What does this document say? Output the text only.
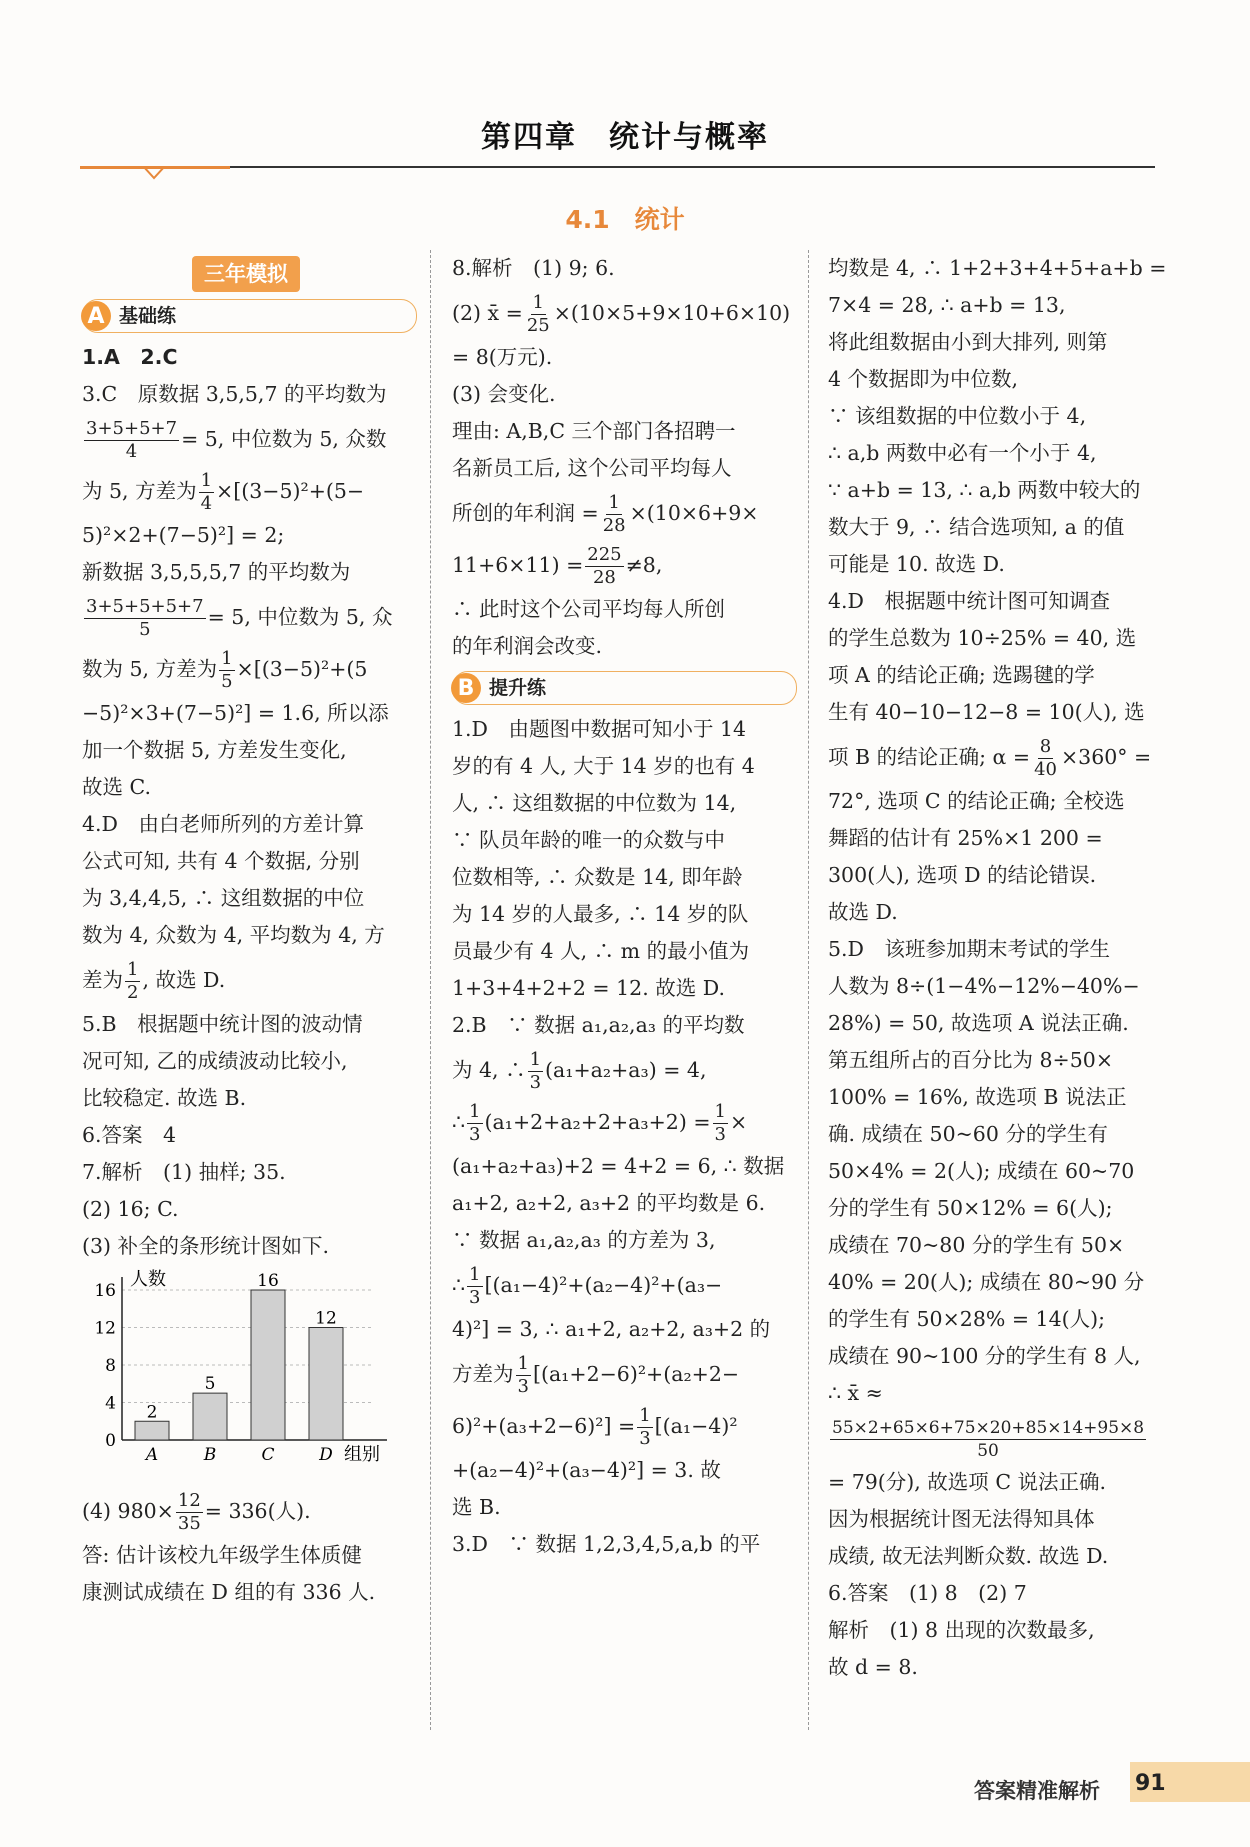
第四章　统计与概率
4.1　统计
三年模拟
A 基础练
1.A　2.C
3.C　原数据 3,5,5,7 的平均数为
$\frac{3+5+5+7}{4} = 5$, 中位数为 5, 众数
为 5, 方差为 $\frac{1}{4} \times[(3-5)^2+(5-$
5)²×2+(7−5)²] = 2;
新数据 3,5,5,5,7 的平均数为
$\frac{3+5+5+5+7}{5} = 5$, 中位数为 5, 众
数为 5, 方差为 $\frac{1}{5} \times[(3-5)^2+(5$
−5)²×3+(7−5)²] = 1.6, 所以添
加一个数据 5, 方差发生变化,
故选 C.
4.D　由白老师所列的方差计算
公式可知, 共有 4 个数据, 分别
为 3,4,4,5, ∴ 这组数据的中位
数为 4, 众数为 4, 平均数为 4, 方
差为 $\frac{1}{2}$ , 故选 D.
5.B　根据题中统计图的波动情
况可知, 乙的成绩波动比较小,
比较稳定. 故选 B.
6.答案　4
7.解析　(1) 抽样; 35.
(2) 16; C.
(3) 补全的条形统计图如下.
0
4
8
12
16
人数
组别
2
A
5
B
16
C
12
D
(4) $980\times \frac{12}{35} = 336$(人).
答: 估计该校九年级学生体质健
康测试成绩在 D 组的有 336 人.
8.解析　(1) 9; 6.
(2) x̄ = $\frac{1}{25} \times(10\times 5+9\times 10+6\times 10)$
= 8(万元).
(3) 会变化.
理由: A,B,C 三个部门各招聘一
名新员工后, 这个公司平均每人
所创的年利润 = $\frac{1}{28} \times(10\times 6+9\times$
$11+6\times 11) = \frac{225}{28} \ne 8$,
∴ 此时这个公司平均每人所创
的年利润会改变.
B 提升练
1.D　由题图中数据可知小于 14
岁的有 4 人, 大于 14 岁的也有 4
人, ∴ 这组数据的中位数为 14,
∵ 队员年龄的唯一的众数与中
位数相等, ∴ 众数是 14, 即年龄
为 14 岁的人最多, ∴ 14 岁的队
员最少有 4 人, ∴ m 的最小值为
1+3+4+2+2 = 12. 故选 D.
2.B　∵ 数据 a₁,a₂,a₃ 的平均数
为 4, ∴ $\frac{1}{3} (a_1+a_2+a_3) = 4$,
∴ $\frac{1}{3} (a_1+2+a_2+2+a_3+2) = \frac{1}{3}$ ×
(a₁+a₂+a₃)+2 = 4+2 = 6, ∴ 数据
a₁+2, a₂+2, a₃+2 的平均数是 6.
∵ 数据 a₁,a₂,a₃ 的方差为 3,
∴ $\frac{1}{3} [(a_1-4)^2+(a_2-4)^2+(a_3-$
4)²] = 3, ∴ a₁+2, a₂+2, a₃+2 的
方差为 $\frac{1}{3} [(a_1+2-6)^2+(a_2+2-$
$6)^2+(a_3+2-6)^2] = \frac{1}{3} [(a_1-4)^2$
+(a₂−4)²+(a₃−4)²] = 3. 故
选 B.
3.D　∵ 数据 1,2,3,4,5,a,b 的平
均数是 4, ∴ 1+2+3+4+5+a+b =
7×4 = 28, ∴ a+b = 13,
将此组数据由小到大排列, 则第
4 个数据即为中位数,
∵ 该组数据的中位数小于 4,
∴ a,b 两数中必有一个小于 4,
∵ a+b = 13, ∴ a,b 两数中较大的
数大于 9, ∴ 结合选项知, a 的值
可能是 10. 故选 D.
4.D　根据题中统计图可知调查
的学生总数为 10÷25% = 40, 选
项 A 的结论正确; 选踢毽的学
生有 40−10−12−8 = 10(人), 选
项 B 的结论正确; $\alpha = \frac{8}{40} \times 360^\circ$ =
72°, 选项 C 的结论正确; 全校选
舞蹈的估计有 25%×1 200 =
300(人), 选项 D 的结论错误.
故选 D.
5.D　该班参加期末考试的学生
人数为 8÷(1−4%−12%−40%−
28%) = 50, 故选项 A 说法正确.
第五组所占的百分比为 8÷50×
100% = 16%, 故选项 B 说法正
确. 成绩在 50~60 分的学生有
50×4% = 2(人); 成绩在 60~70
分的学生有 50×12% = 6(人);
成绩在 70~80 分的学生有 50×
40% = 20(人); 成绩在 80~90 分
的学生有 50×28% = 14(人);
成绩在 90~100 分的学生有 8 人,
∴ x̄ ≈
$\frac{55\times 2+65\times 6+75\times 20+85\times 14+95\times 8}{50}$
= 79(分), 故选项 C 说法正确.
因为根据统计图无法得知具体
成绩, 故无法判断众数. 故选 D.
6.答案　(1) 8　(2) 7
解析　(1) 8 出现的次数最多,
故 d = 8.
答案精准解析 91
